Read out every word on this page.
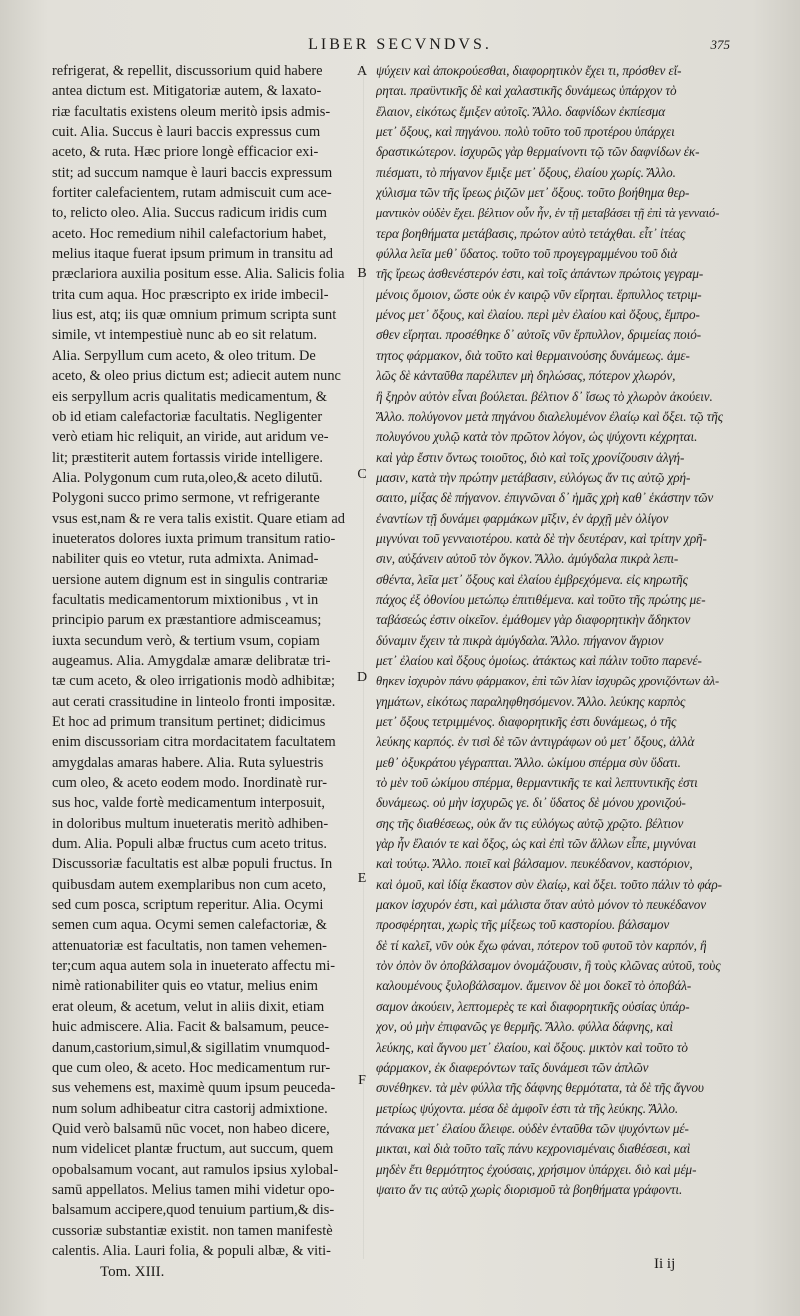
LIBER SECVNDVS.	375
refrigerat, & repellit, discussorium quid habere
antea dictum est. Mitigatoriæ autem, & laxato-
riæ facultatis existens oleum meritò ipsis admis-
cuit. Alia. Succus è lauri baccis expressus cum
aceto, & ruta. Hæc priore longè efficacior exi-
stit; ad succum namque è lauri baccis expressum
fortiter calefacientem, rutam admiscuit cum ace-
to, relicto oleo. Alia. Succus radicum iridis cum
aceto. Hoc remedium nihil calefactorium habet,
melius itaque fuerat ipsum primum in transitu ad
præclariora auxilia positum esse. Alia. Salicis folia
trita cum aqua. Hoc præscripto ex iride imbecil-
lius est, atq; iis quæ omnium primum scripta sunt
simile, vt intempestiuè nunc ab eo sit relatum.
Alia. Serpyllum cum aceto, & oleo tritum. De
aceto, & oleo prius dictum est; adiecit autem nunc
eis serpyllum acris qualitatis medicamentum, &
ob id etiam calefactoriæ facultatis. Negligenter
verò etiam hic reliquit, an viride, aut aridum ve-
lit; præstiterit autem fortassis viride intelligere.
Alia. Polygonum cum ruta,oleo,& aceto dilutū.
Polygoni succo primo sermone, vt refrigerante
vsus est,nam & re vera talis existit. Quare etiam ad
inueteratos dolores iuxta primum transitum ratio-
nabiliter quis eo vtetur, ruta admixta. Animad-
uersione autem dignum est in singulis contrariæ
facultatis medicamentorum mixtionibus , vt in
principio parum ex præstantiore admisceamus;
iuxta secundum verò, & tertium vsum, copiam
augeamus. Alia. Amygdalæ amaræ delibratæ tri-
tæ cum aceto, & oleo irrigationis modò adhibitæ;
aut cerati crassitudine in linteolo fronti impositæ.
Et hoc ad primum transitum pertinet; didicimus
enim discussoriam citra mordacitatem facultatem
amygdalas amaras habere. Alia. Ruta syluestris
cum oleo, & aceto eodem modo. Inordinatè rur-
sus hoc, valde fortè medicamentum interposuit,
in doloribus multum inueteratis meritò adhiben-
dum. Alia. Populi albæ fructus cum aceto tritus.
Discussoriæ facultatis est albæ populi fructus. In
quibusdam autem exemplaribus non cum aceto,
sed cum posca, scriptum reperitur. Alia. Ocymi
semen cum aqua. Ocymi semen calefactoriæ, &
attenuatoriæ est facultatis, non tamen vehemen-
ter;cum aqua autem sola in inueterato affectu mi-
nimè rationabiliter quis eo vtatur, melius enim
erat oleum, & acetum, velut in aliis dixit, etiam
huic admiscere. Alia. Facit & balsamum, peuce-
danum,castorium,simul,& sigillatim vnumquod-
que cum oleo, & aceto. Hoc medicamentum rur-
sus vehemens est, maximè quum ipsum peuceda-
num solum adhibeatur citra castorij admixtione.
Quid verò balsamū nūc vocet, non habeo dicere,
num videlicet plantæ fructum, aut succum, quem
opobalsamum vocant, aut ramulos ipsius xylobal-
samū appellatos. Melius tamen mihi videtur opo-
balsamum accipere,quod tenuium partium,& dis-
cussoriæ substantiæ existit. non tamen manifestè
calentis. Alia. Lauri folia, & populi albæ, & viti-
ψύχειν καὶ ἀποκρούεσθαι, διαφορητικὸν ἔχει τι, πρόσθεν εἴ-
ρηται. πραϋντικῆς δὲ καὶ χαλαστικῆς δυνάμεως ὑπάρχον τὸ
ἔλαιον, εἰκότως ἔμιξεν αὐτοῖς. Ἄλλο. δαφνίδων ἐκπίεσμα
μετ᾽ ὄξους, καὶ πηγάνου. πολὺ τοῦτο τοῦ προτέρου ὑπάρχει
δραστικώτερον. ἰσχυρῶς γὰρ θερμαίνοντι τῷ τῶν δαφνίδων ἐκ-
πιέσματι, τὸ πήγανον ἔμιξε μετ᾽ ὄξους, ἐλαίου χωρίς. Ἄλλο.
χύλισμα τῶν τῆς ἴρεως ῥιζῶν μετ᾽ ὄξους. τοῦτο βοήθημα θερ-
μαντικὸν οὐδὲν ἔχει. βέλτιον οὖν ἦν, ἐν τῇ μεταβάσει τῇ ἐπὶ τὰ γενναιό-
τερα βοηθήματα μετάβασις, πρώτον αὐτὸ τετάχθαι. εἶτ᾽ ἰτέας
φύλλα λεῖα μεθ᾽ ὕδατος. τοῦτο τοῦ προγεγραμμένου τοῦ διὰ
τῆς ἴρεως ἀσθενέστερόν ἐστι, καὶ τοῖς ἁπάντων πρώτοις γεγραμ-
μένοις ὅμοιον, ὥστε οὐκ ἐν καιρῷ νῦν εἴρηται. ἕρπυλλος τετριμ-
μένος μετ᾽ ὄξους, καὶ ἐλαίου. περὶ μὲν ἐλαίου καὶ ὄξους, ἔμπρο-
σθεν εἴρηται. προσέθηκε δ᾽ αὐτοῖς νῦν ἕρπυλλον, δριμείας ποιό-
τητος φάρμακον, διὰ τοῦτο καὶ θερμαινούσης δυνάμεως. ἀμε-
λῶς δὲ κἀνταῦθα παρέλιπεν μὴ δηλώσας, πότερον χλωρόν,
ἢ ξηρὸν αὐτὸν εἶναι βούλεται. βέλτιον δ᾽ ἴσως τὸ χλωρὸν ἀκούειν.
Ἄλλο. πολύγονον μετὰ πηγάνου διαλελυμένον ἐλαίῳ καὶ ὄξει. τῷ τῆς
πολυγόνου χυλῷ κατὰ τὸν πρῶτον λόγον, ὡς ψύχοντι κέχρηται.
καὶ γὰρ ἔστιν ὄντως τοιοῦτος, διὸ καὶ τοῖς χρονίζουσιν ἀλγή-
μασιν, κατὰ τὴν πρώτην μετάβασιν, εὐλόγως ἄν τις αὐτῷ χρή-
σαιτο, μίξας δὲ πήγανον. ἐπιγνῶναι δ᾽ ἡμᾶς χρὴ καθ᾽ ἑκάστην τῶν
ἐναντίων τῇ δυνάμει φαρμάκων μῖξιν, ἐν ἀρχῇ μὲν ὀλίγον
μιγνύναι τοῦ γενναιοτέρου. κατὰ δὲ τὴν δευτέραν, καὶ τρίτην χρῆ-
σιν, αὐξάνειν αὐτοῦ τὸν ὄγκον. Ἄλλο. ἀμύγδαλα πικρὰ λεπι-
σθέντα, λεῖα μετ᾽ ὄξους καὶ ἐλαίου ἐμβρεχόμενα. εἰς κηρωτῆς
πάχος ἐξ ὀθονίου μετώπῳ ἐπιτιθέμενα. καὶ τοῦτο τῆς πρώτης με-
ταβάσεώς ἐστιν οἰκεῖον. ἐμάθομεν γὰρ διαφορητικὴν ἄδηκτον
δύναμιν ἔχειν τὰ πικρὰ ἀμύγδαλα. Ἄλλο. πήγανον ἄγριον
μετ᾽ ἐλαίου καὶ ὄξους ὁμοίως. ἀτάκτως καὶ πάλιν τοῦτο παρενέ-
θηκεν ἰσχυρὸν πάνυ φάρμακον, ἐπὶ τῶν λίαν ἰσχυρῶς χρονιζόντων ἀλ-
γημάτων, εἰκότως παραληφθησόμενον. Ἄλλο. λεύκης καρπὸς
μετ᾽ ὄξους τετριμμένος. διαφορητικῆς ἐστι δυνάμεως, ὁ τῆς
λεύκης καρπός. ἐν τισὶ δὲ τῶν ἀντιγράφων οὐ μετ᾽ ὄξους, ἀλλὰ
μεθ᾽ ὀξυκράτου γέγραπται. Ἄλλο. ὠκίμου σπέρμα σὺν ὕδατι.
τὸ μὲν τοῦ ὠκίμου σπέρμα, θερμαντικῆς τε καὶ λεπτυντικῆς ἐστι
δυνάμεως. οὐ μὴν ἰσχυρῶς γε. δι᾽ ὕδατος δὲ μόνου χρονιζού-
σης τῆς διαθέσεως, οὐκ ἄν τις εὐλόγως αὐτῷ χρῷτο. βέλτιον
γὰρ ἦν ἔλαιόν τε καὶ ὄξος, ὡς καὶ ἐπὶ τῶν ἄλλων εἶπε, μιγνύναι
καὶ τούτῳ. Ἄλλο. ποιεῖ καὶ βάλσαμον. πευκέδανον, καστόριον,
καὶ ὁμοῦ, καὶ ἰδίᾳ ἕκαστον σὺν ἐλαίῳ, καὶ ὄξει. τοῦτο πάλιν τὸ φάρ-
μακον ἰσχυρόν ἐστι, καὶ μάλιστα ὅταν αὐτὸ μόνον τὸ πευκέδανον
προσφέρηται, χωρὶς τῆς μίξεως τοῦ καστορίου. βάλσαμον
δὲ τί καλεῖ, νῦν οὐκ ἔχω φάναι, πότερον τοῦ φυτοῦ τὸν καρπόν, ἢ
τὸν ὀπὸν ὃν ὀποβάλσαμον ὀνομάζουσιν, ἢ τοὺς κλῶνας αὐτοῦ, τοὺς
καλουμένους ξυλοβάλσαμον. ἄμεινον δὲ μοι δοκεῖ τὸ ὀποβάλ-
σαμον ἀκούειν, λεπτομερὲς τε καὶ διαφορητικῆς οὐσίας ὑπάρ-
χον, οὐ μὴν ἐπιφανῶς γε θερμῆς. Ἄλλο. φύλλα δάφνης, καὶ
λεύκης, καὶ ἄγνου μετ᾽ ἐλαίου, καὶ ὄξους. μικτὸν καὶ τοῦτο τὸ
φάρμακον, ἐκ διαφερόντων ταῖς δυνάμεσι τῶν ἁπλῶν
συνέθηκεν. τὰ μὲν φύλλα τῆς δάφνης θερμότατα, τὰ δὲ τῆς ἄγνου
μετρίως ψύχοντα. μέσα δὲ ἀμφοῖν ἐστι τὰ τῆς λεύκης. Ἄλλο.
πάνακα μετ᾽ ἐλαίου ἄλειφε. οὐδὲν ἐνταῦθα τῶν ψυχόντων μέ-
μικται, καὶ διὰ τοῦτο ταῖς πάνυ κεχρονισμέναις διαθέσεσι, καὶ
μηδὲν ἔτι θερμότητος ἐχούσαις, χρήσιμον ὑπάρχει. διὸ καὶ μέμ-
ψαιτο ἄν τις αὐτῷ χωρὶς διορισμοῦ τὰ βοηθήματα γράφοντι.
A
B
C
D
E
F
Tom. XIII.	Ii ij
